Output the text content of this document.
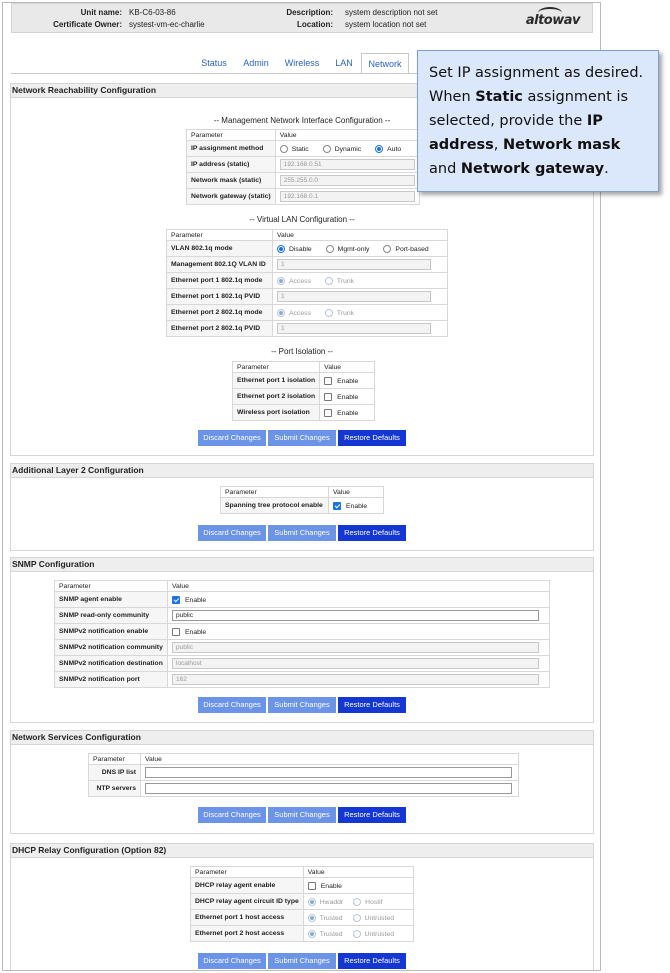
Unit name: KB-C6-03-86
Certificate Owner: systest-vm-ec-charlie
Description: system description not set
Location: system location not set	altowav
Status	Admin	Wireless	LAN	Network
Network Reachability Configuration
-- Management Network Interface Configuration --
Parameter	Value
IP assignment method	Static Dynamic Auto
IP address (static)	192.168.0.51
Network mask (static)	255.255.0.0
Network gateway (static)	192.168.0.1
-- Virtual LAN Configuration --
Parameter	Value
VLAN 802.1q mode	Disable Mgmt-only Port-based
Management 802.1Q VLAN ID	1
Ethernet port 1 802.1q mode	Access Trunk
Ethernet port 1 802.1q PVID	1
Ethernet port 2 802.1q mode	Access Trunk
Ethernet port 2 802.1q PVID	1
-- Port Isolation --
Parameter	Value
Ethernet port 1 isolation	Enable
Ethernet port 2 isolation	Enable
Wireless port isolation	Enable
Discard Changes	Submit Changes	Restore Defaults
Additional Layer 2 Configuration
Parameter	Value
Spanning tree protocol enable	Enable
Discard Changes	Submit Changes	Restore Defaults
SNMP Configuration
Parameter	Value
SNMP agent enable	Enable
SNMP read-only community	public
SNMPv2 notification enable	Enable
SNMPv2 notification community	public
SNMPv2 notification destination	localhost
SNMPv2 notification port	162
Discard Changes	Submit Changes	Restore Defaults
Network Services Configuration
Parameter	Value
DNS IP list	
NTP servers	
Discard Changes	Submit Changes	Restore Defaults
DHCP Relay Configuration (Option 82)
Parameter	Value
DHCP relay agent enable	Enable
DHCP relay agent circuit ID type	Hwaddr Hostif
Ethernet port 1 host access	Trusted Untrusted
Ethernet port 2 host access	Trusted Untrusted
Discard Changes	Submit Changes	Restore Defaults
Set IP assignment as desired. When Static assignment is selected, provide the IP address, Network mask and Network gateway.
